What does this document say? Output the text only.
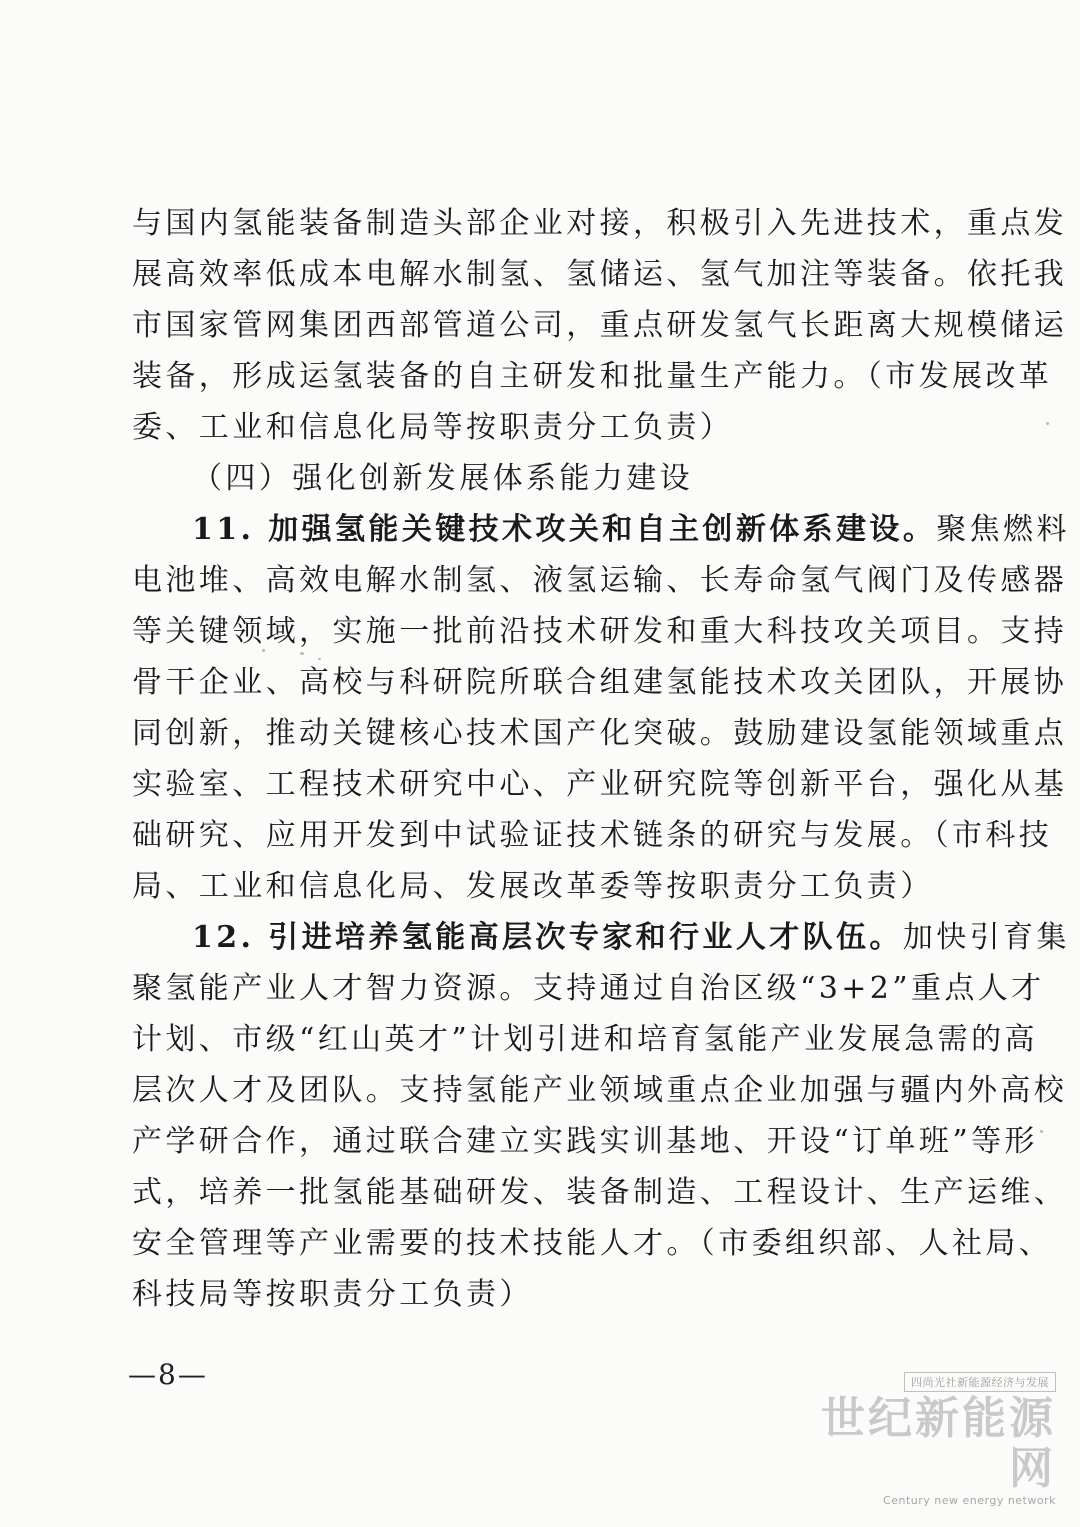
与国内氢能装备制造头部企业对接，积极引入先进技术，重点发
展高效率低成本电解水制氢、氢储运、氢气加注等装备。依托我
市国家管网集团西部管道公司，重点研发氢气长距离大规模储运
装备，形成运氢装备的自主研发和批量生产能力。（市发展改革
委、工业和信息化局等按职责分工负责）
（四）强化创新发展体系能力建设
11. 加强氢能关键技术攻关和自主创新体系建设。聚焦燃料
电池堆、高效电解水制氢、液氢运输、长寿命氢气阀门及传感器
等关键领域，实施一批前沿技术研发和重大科技攻关项目。支持
骨干企业、高校与科研院所联合组建氢能技术攻关团队，开展协
同创新，推动关键核心技术国产化突破。鼓励建设氢能领域重点
实验室、工程技术研究中心、产业研究院等创新平台，强化从基
础研究、应用开发到中试验证技术链条的研究与发展。（市科技
局、工业和信息化局、发展改革委等按职责分工负责）
12. 引进培养氢能高层次专家和行业人才队伍。加快引育集
聚氢能产业人才智力资源。支持通过自治区级“3+2”重点人才
计划、市级“红山英才”计划引进和培育氢能产业发展急需的高
层次人才及团队。支持氢能产业领域重点企业加强与疆内外高校
产学研合作，通过联合建立实践实训基地、开设“订单班”等形
式，培养一批氢能基础研发、装备制造、工程设计、生产运维、
安全管理等产业需要的技术技能人才。（市委组织部、人社局、
科技局等按职责分工负责）
—8—	四尚光社新能源经济与发展
世纪新能源网
Century new energy network
